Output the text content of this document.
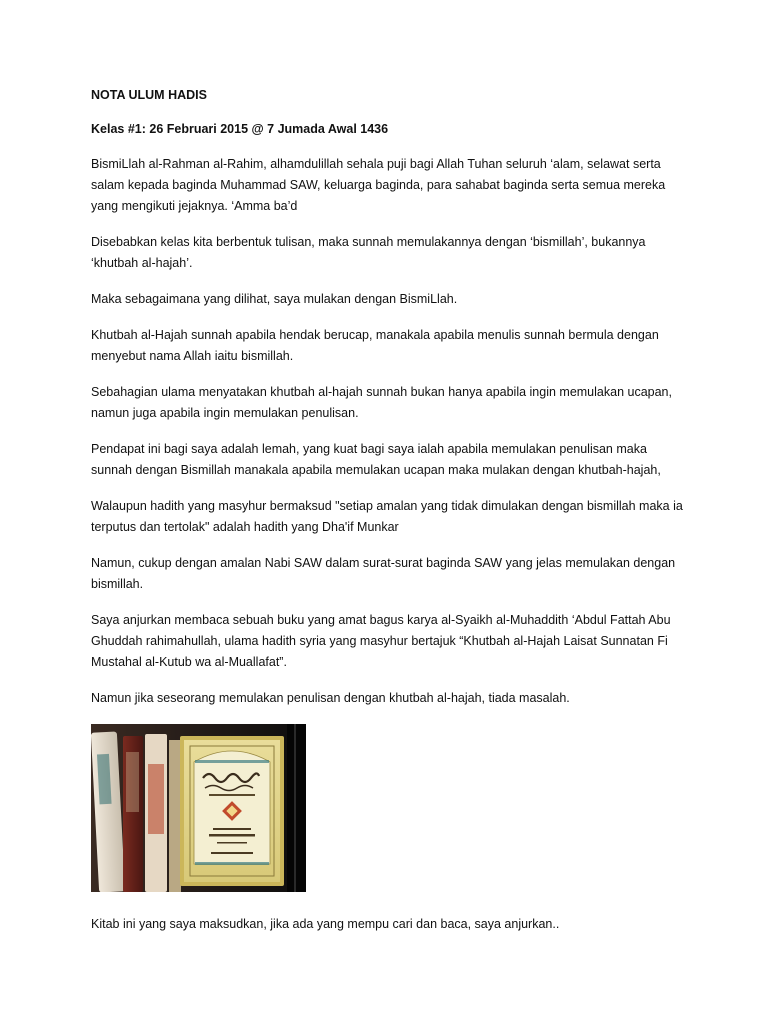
NOTA ULUM HADIS

Kelas #1: 26 Februari 2015 @ 7 Jumada Awal 1436

BismiLlah al-Rahman al-Rahim, alhamdulillah sehala puji bagi Allah Tuhan seluruh ‘alam, selawat serta salam kepada baginda Muhammad SAW, keluarga baginda, para sahabat baginda serta semua mereka yang mengikuti jejaknya. ‘Amma ba’d

Disebabkan kelas kita berbentuk tulisan, maka sunnah memulakannya dengan ‘bismillah’, bukannya ‘khutbah al-hajah’.

Maka sebagaimana yang dilihat, saya mulakan dengan BismiLlah.

Khutbah al-Hajah sunnah apabila hendak berucap, manakala apabila menulis sunnah bermula dengan menyebut nama Allah iaitu bismillah.

Sebahagian ulama menyatakan khutbah al-hajah sunnah bukan hanya apabila ingin memulakan ucapan, namun juga apabila ingin memulakan penulisan.

Pendapat ini bagi saya adalah lemah, yang kuat bagi saya ialah apabila memulakan penulisan maka sunnah dengan Bismillah manakala apabila memulakan ucapan maka mulakan dengan khutbah-hajah,

Walaupun hadith yang masyhur bermaksud "setiap amalan yang tidak dimulakan dengan bismillah maka ia terputus dan tertolak" adalah hadith yang Dha'if Munkar

Namun, cukup dengan amalan Nabi SAW dalam surat-surat baginda SAW yang jelas memulakan dengan bismillah.

Saya anjurkan membaca sebuah buku yang amat bagus karya al-Syaikh al-Muhaddith ‘Abdul Fattah Abu Ghuddah rahimahullah, ulama hadith syria yang masyhur bertajuk “Khutbah al-Hajah Laisat Sunnatan Fi Mustahal al-Kutub wa al-Muallafat”.

Namun jika seseorang memulakan penulisan dengan khutbah al-hajah, tiada masalah.

Kitab ini yang saya maksudkan, jika ada yang mempu cari dan baca, saya anjurkan..
